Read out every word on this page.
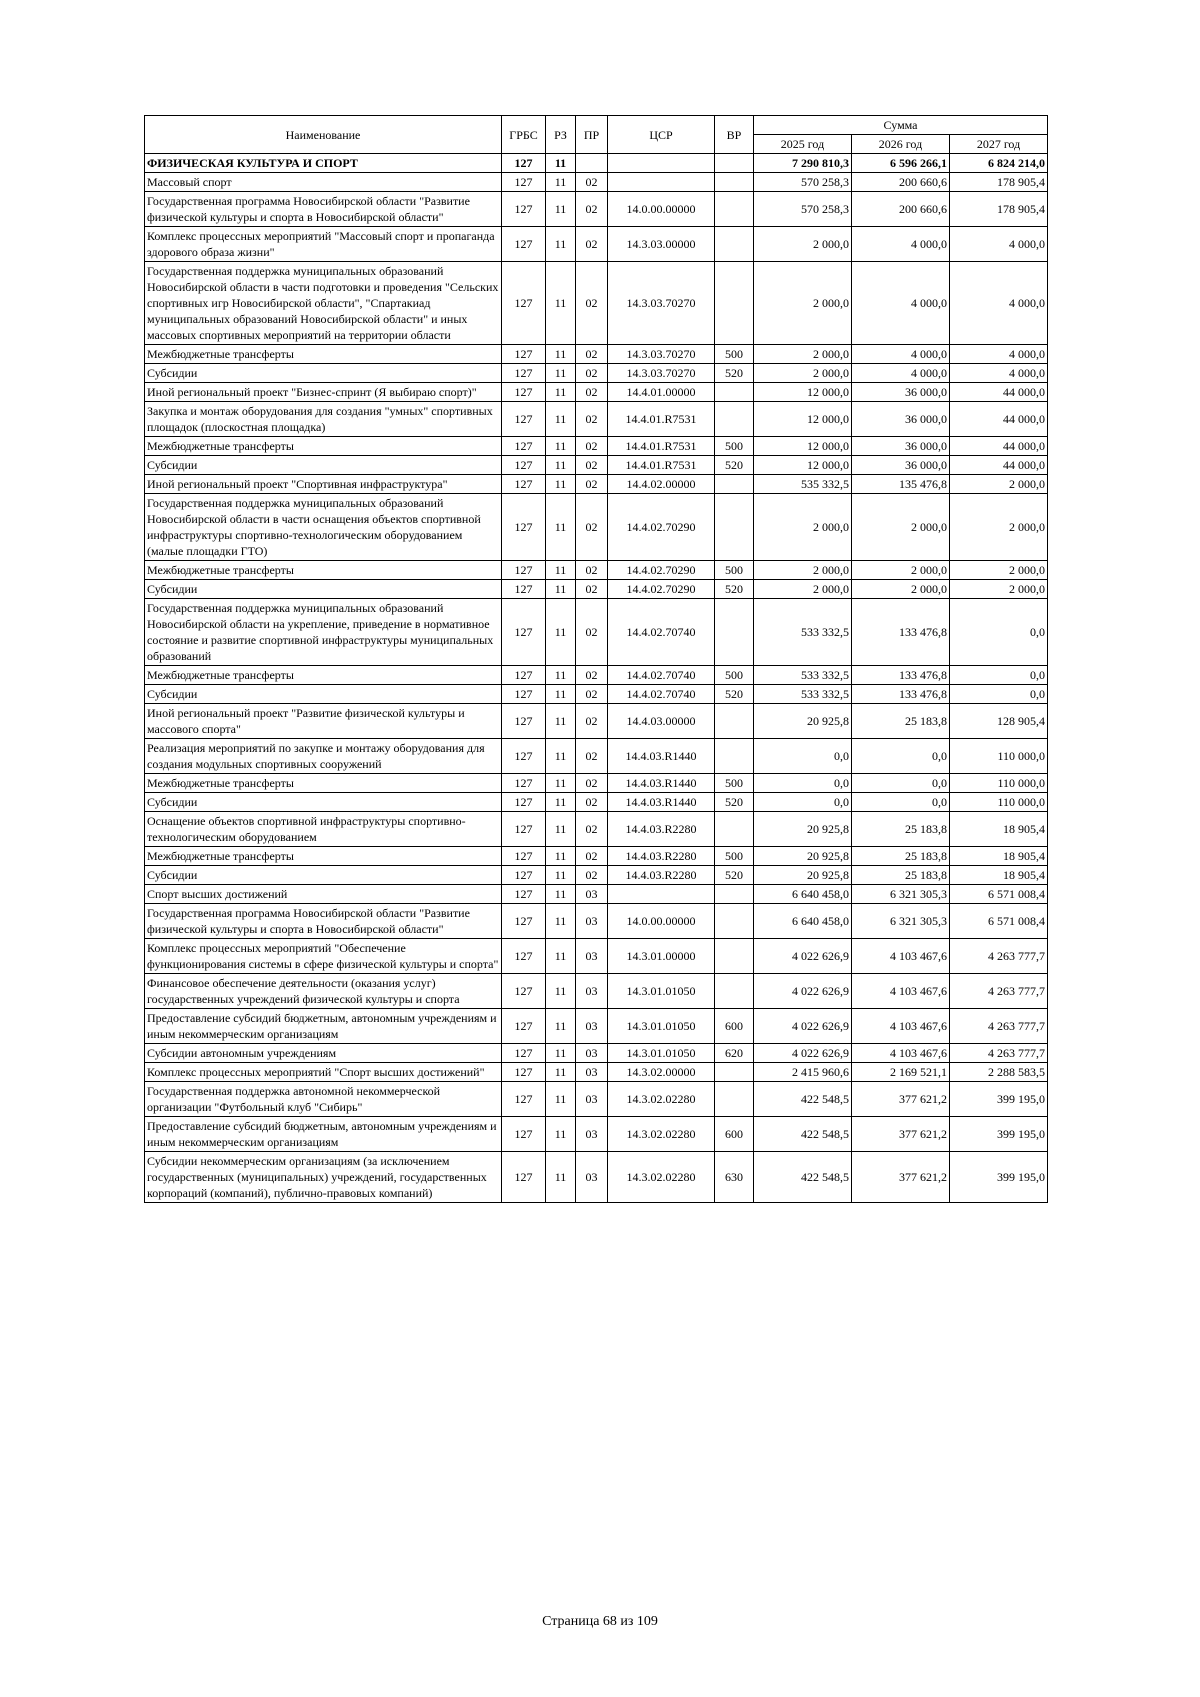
Наименование	ГРБС	РЗ	ПР	ЦСР	ВР	Сумма		
						2025 год	2026 год	2027 год
ФИЗИЧЕСКАЯ КУЛЬТУРА И СПОРТ	127	11				7 290 810,3	6 596 266,1	6 824 214,0
Массовый спорт	127	11	02			570 258,3	200 660,6	178 905,4
Государственная программа Новосибирской области "Развитие физической культуры и спорта в Новосибирской области"	127	11	02	14.0.00.00000		570 258,3	200 660,6	178 905,4
Комплекс процессных мероприятий "Массовый спорт и пропаганда здорового образа жизни"	127	11	02	14.3.03.00000		2 000,0	4 000,0	4 000,0
Государственная поддержка муниципальных образований Новосибирской области в части подготовки и проведения "Сельских спортивных игр Новосибирской области", "Спартакиад муниципальных образований Новосибирской области" и иных массовых спортивных мероприятий на территории области	127	11	02	14.3.03.70270		2 000,0	4 000,0	4 000,0
Межбюджетные трансферты	127	11	02	14.3.03.70270	500	2 000,0	4 000,0	4 000,0
Субсидии	127	11	02	14.3.03.70270	520	2 000,0	4 000,0	4 000,0
Иной региональный проект "Бизнес-спринт (Я выбираю спорт)"	127	11	02	14.4.01.00000		12 000,0	36 000,0	44 000,0
Закупка и монтаж оборудования для создания "умных" спортивных площадок (плоскостная площадка)	127	11	02	14.4.01.R7531		12 000,0	36 000,0	44 000,0
Межбюджетные трансферты	127	11	02	14.4.01.R7531	500	12 000,0	36 000,0	44 000,0
Субсидии	127	11	02	14.4.01.R7531	520	12 000,0	36 000,0	44 000,0
Иной региональный проект "Спортивная инфраструктура"	127	11	02	14.4.02.00000		535 332,5	135 476,8	2 000,0
Государственная поддержка муниципальных образований Новосибирской области в части оснащения объектов спортивной инфраструктуры спортивно-технологическим оборудованием (малые площадки ГТО)	127	11	02	14.4.02.70290		2 000,0	2 000,0	2 000,0
Межбюджетные трансферты	127	11	02	14.4.02.70290	500	2 000,0	2 000,0	2 000,0
Субсидии	127	11	02	14.4.02.70290	520	2 000,0	2 000,0	2 000,0
Государственная поддержка муниципальных образований Новосибирской области на укрепление, приведение в нормативное состояние и развитие спортивной инфраструктуры муниципальных образований	127	11	02	14.4.02.70740		533 332,5	133 476,8	0,0
Межбюджетные трансферты	127	11	02	14.4.02.70740	500	533 332,5	133 476,8	0,0
Субсидии	127	11	02	14.4.02.70740	520	533 332,5	133 476,8	0,0
Иной региональный проект "Развитие физической культуры и массового спорта"	127	11	02	14.4.03.00000		20 925,8	25 183,8	128 905,4
Реализация мероприятий по закупке и монтажу оборудования для создания модульных спортивных сооружений	127	11	02	14.4.03.R1440		0,0	0,0	110 000,0
Межбюджетные трансферты	127	11	02	14.4.03.R1440	500	0,0	0,0	110 000,0
Субсидии	127	11	02	14.4.03.R1440	520	0,0	0,0	110 000,0
Оснащение объектов спортивной инфраструктуры спортивно-технологическим оборудованием	127	11	02	14.4.03.R2280		20 925,8	25 183,8	18 905,4
Межбюджетные трансферты	127	11	02	14.4.03.R2280	500	20 925,8	25 183,8	18 905,4
Субсидии	127	11	02	14.4.03.R2280	520	20 925,8	25 183,8	18 905,4
Спорт высших достижений	127	11	03			6 640 458,0	6 321 305,3	6 571 008,4
Государственная программа Новосибирской области "Развитие физической культуры и спорта в Новосибирской области"	127	11	03	14.0.00.00000		6 640 458,0	6 321 305,3	6 571 008,4
Комплекс процессных мероприятий "Обеспечение функционирования системы в сфере физической культуры и спорта"	127	11	03	14.3.01.00000		4 022 626,9	4 103 467,6	4 263 777,7
Финансовое обеспечение деятельности (оказания услуг) государственных учреждений физической культуры и спорта	127	11	03	14.3.01.01050		4 022 626,9	4 103 467,6	4 263 777,7
Предоставление субсидий бюджетным, автономным учреждениям и иным некоммерческим организациям	127	11	03	14.3.01.01050	600	4 022 626,9	4 103 467,6	4 263 777,7
Субсидии автономным учреждениям	127	11	03	14.3.01.01050	620	4 022 626,9	4 103 467,6	4 263 777,7
Комплекс процессных мероприятий "Спорт высших достижений"	127	11	03	14.3.02.00000		2 415 960,6	2 169 521,1	2 288 583,5
Государственная поддержка автономной некоммерческой организации "Футбольный клуб "Сибирь"	127	11	03	14.3.02.02280		422 548,5	377 621,2	399 195,0
Предоставление субсидий бюджетным, автономным учреждениям и иным некоммерческим организациям	127	11	03	14.3.02.02280	600	422 548,5	377 621,2	399 195,0
Субсидии некоммерческим организациям (за исключением государственных (муниципальных) учреждений, государственных корпораций (компаний), публично-правовых компаний)	127	11	03	14.3.02.02280	630	422 548,5	377 621,2	399 195,0
Страница 68 из 109
